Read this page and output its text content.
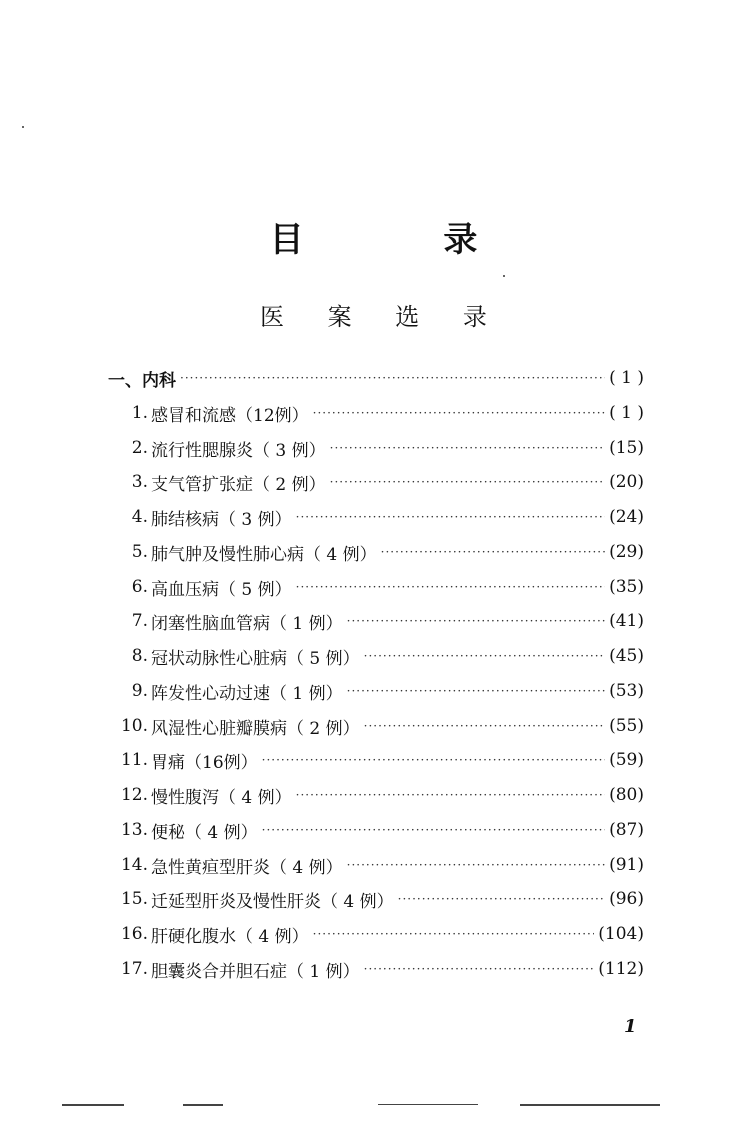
目 录
医 案 选 录
一、内科 ·····	( 1 )
1. 感冒和流感（12例） ·····	( 1 )
2. 流行性腮腺炎（ 3 例） ·····	(15)
3. 支气管扩张症（ 2 例） ·····	(20)
4. 肺结核病（ 3 例） ·····	(24)
5. 肺气肿及慢性肺心病（ 4 例） ·····	(29)
6. 高血压病（ 5 例） ·····	(35)
7. 闭塞性脑血管病（ 1 例） ·····	(41)
8. 冠状动脉性心脏病（ 5 例） ·····	(45)
9. 阵发性心动过速（ 1 例） ·····	(53)
10. 风湿性心脏瓣膜病（ 2 例） ·····	(55)
11. 胃痛（16例） ·····	(59)
12. 慢性腹泻（ 4 例） ·····	(80)
13. 便秘（ 4 例） ·····	(87)
14. 急性黄疸型肝炎（ 4 例） ·····	(91)
15. 迁延型肝炎及慢性肝炎（ 4 例） ·····	(96)
16. 肝硬化腹水（ 4 例） ·····	(104)
17. 胆囊炎合并胆石症（ 1 例） ·····	(112)
1
